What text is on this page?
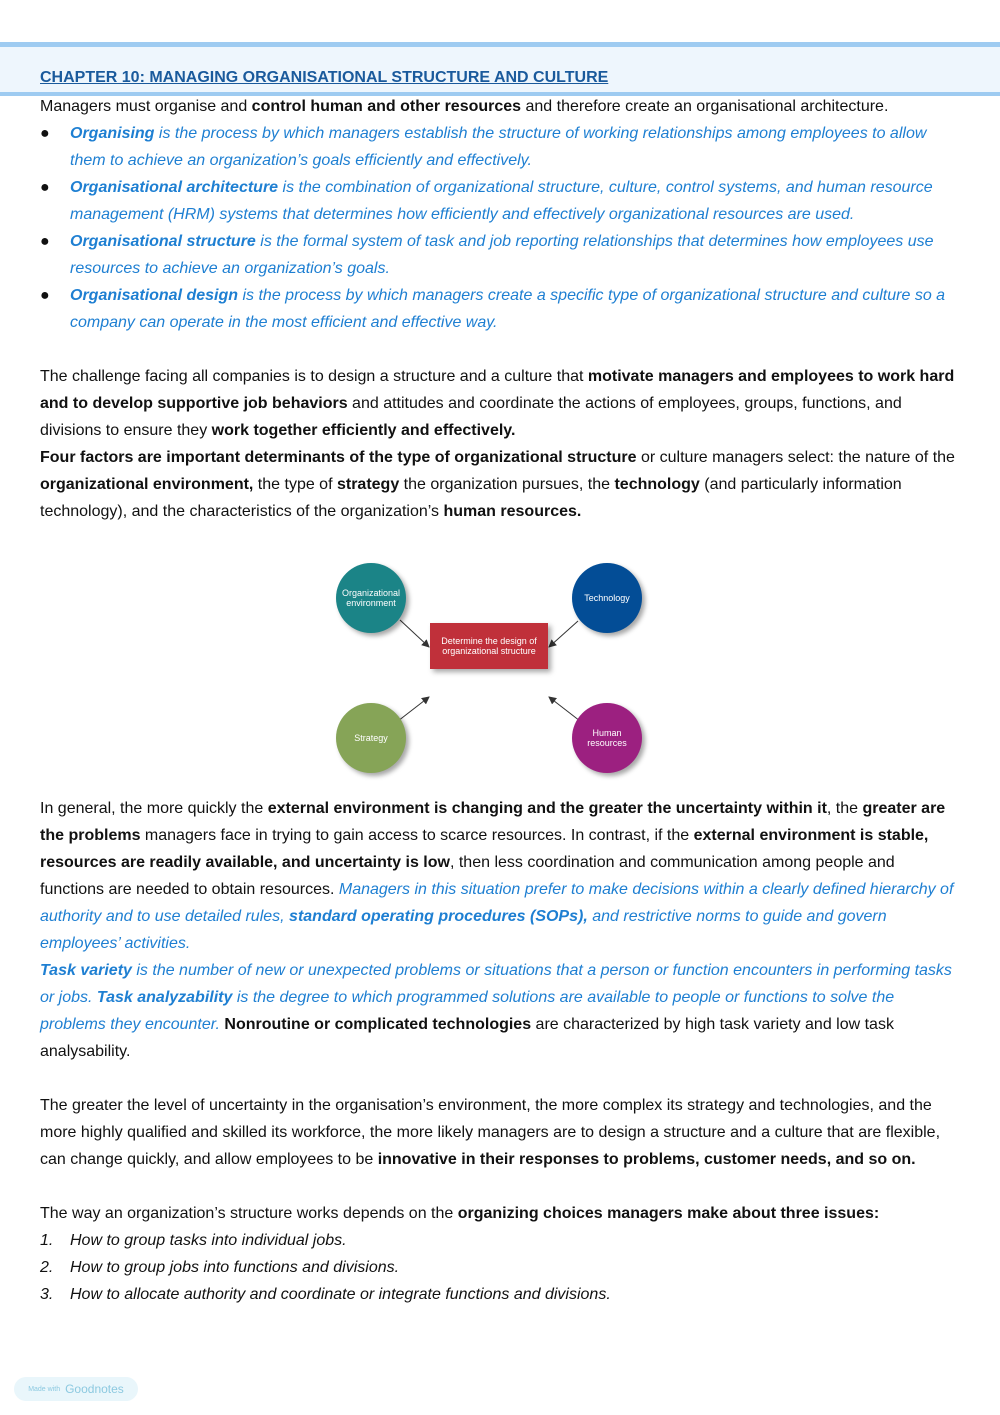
CHAPTER 10: MANAGING ORGANISATIONAL STRUCTURE AND CULTURE

Managers must organise and control human and other resources and therefore create an organisational architecture.

● Organising is the process by which managers establish the structure of working relationships among employees to allow them to achieve an organization’s goals efficiently and effectively.
● Organisational architecture is the combination of organizational structure, culture, control systems, and human resource management (HRM) systems that determines how efficiently and effectively organizational resources are used.
● Organisational structure is the formal system of task and job reporting relationships that determines how employees use resources to achieve an organization’s goals.
● Organisational design is the process by which managers create a specific type of organizational structure and culture so a company can operate in the most efficient and effective way.

The challenge facing all companies is to design a structure and a culture that motivate managers and employees to work hard and to develop supportive job behaviors and attitudes and coordinate the actions of employees, groups, functions, and divisions to ensure they work together efficiently and effectively.

Four factors are important determinants of the type of organizational structure or culture managers select: the nature of the organizational environment, the type of strategy the organization pursues, the technology (and particularly information technology), and the characteristics of the organization’s human resources.

Organizational environment	Technology
Determine the design of organizational structure
Strategy	Human resources

In general, the more quickly the external environment is changing and the greater the uncertainty within it, the greater are the problems managers face in trying to gain access to scarce resources. In contrast, if the external environment is stable, resources are readily available, and uncertainty is low, then less coordination and communication among people and functions are needed to obtain resources. Managers in this situation prefer to make decisions within a clearly defined hierarchy of authority and to use detailed rules, standard operating procedures (SOPs), and restrictive norms to guide and govern employees’ activities.

Task variety is the number of new or unexpected problems or situations that a person or function encounters in performing tasks or jobs. Task analyzability is the degree to which programmed solutions are available to people or functions to solve the problems they encounter. Nonroutine or complicated technologies are characterized by high task variety and low task analysability.

The greater the level of uncertainty in the organisation’s environment, the more complex its strategy and technologies, and the more highly qualified and skilled its workforce, the more likely managers are to design a structure and a culture that are flexible, can change quickly, and allow employees to be innovative in their responses to problems, customer needs, and so on.

The way an organization’s structure works depends on the organizing choices managers make about three issues:

1. How to group tasks into individual jobs.
2. How to group jobs into functions and divisions.
3. How to allocate authority and coordinate or integrate functions and divisions.
Made with Goodnotes
